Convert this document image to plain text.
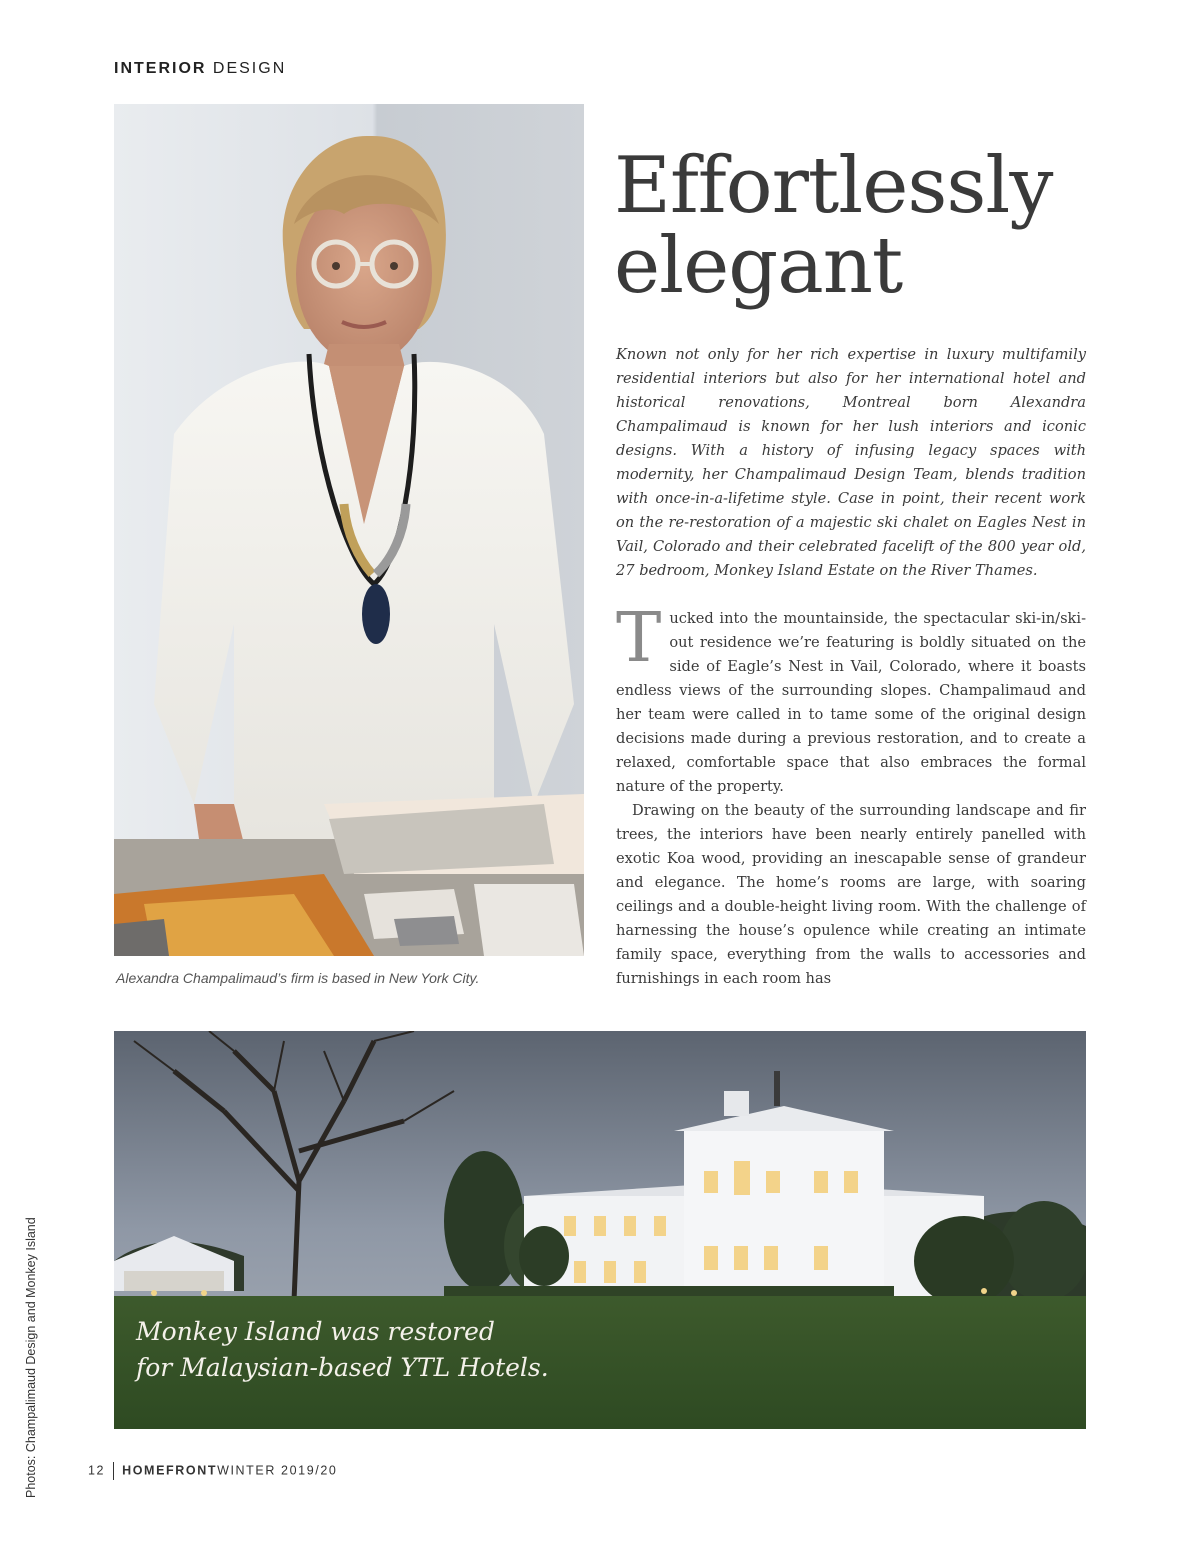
INTERIOR DESIGN
Alexandra Champalimaud’s firm is based in New York City.
Effortlessly
elegant

Known not only for her rich expertise in luxury multifamily residential interiors but also for her international hotel and historical renovations, Montreal born Alexandra Champalimaud is known for her lush interiors and iconic designs. With a history of infusing legacy spaces with modernity, her Champalimaud Design Team, blends tradition with once-in-a-lifetime style. Case in point, their recent work on the re-restoration of a majestic ski chalet on Eagles Nest in Vail, Colorado and their celebrated facelift of the 800 year old, 27 bedroom, Monkey Island Estate on the River Thames.

Tucked into the mountainside, the spectacular ski-in/ski-out residence we’re featuring is boldly situated on the side of Eagle’s Nest in Vail, Colorado, where it boasts endless views of the surrounding slopes. Champalimaud and her team were called in to tame some of the original design decisions made during a previous restoration, and to create a relaxed, comfortable space that also embraces the formal nature of the property.

Drawing on the beauty of the surrounding landscape and fir trees, the interiors have been nearly entirely panelled with exotic Koa wood, providing an inescapable sense of grandeur and elegance. The home’s rooms are large, with soaring ceilings and a double-height living room. With the challenge of harnessing the house’s opulence while creating an intimate family space, everything from the walls to accessories and furnishings in each room has

Monkey Island was restored
for Malaysian-based YTL Hotels.
Photos: Champalimaud Design and Monkey Island	12 HOMEFRONTWINTER 2019/20
